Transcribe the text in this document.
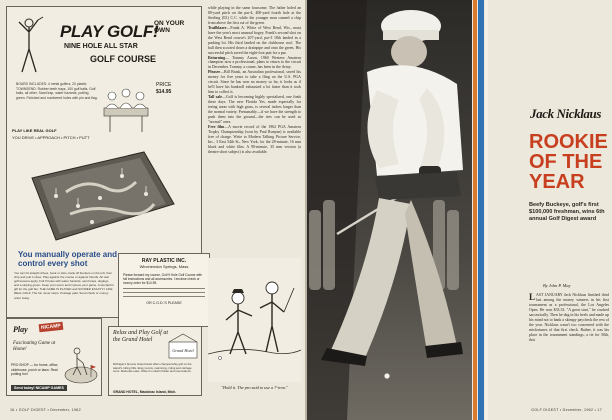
PLAY GOLF!
ON YOUR OWN
NINE HOLE ALL STAR
GOLF COURSE
PRICE
$14.95
BOARD INCLUDES: 4 metal golfers, 20 plastic TOWNSEND. Rubber teeth trays, 100 golf balls, Golf balls, all other. Sand trap, water hazards, putting green. Finished and numbered holes with pin and flag.
PLAY LIKE REAL GOLF
YOU DRIVE • APPROACH • PITCH • PUTT
You manually operate and control every shot
You can hit straight drives, hook or slice, bank off bunkers on the left, then chip and putt it close. Play against the course or against friends. All real golf lessons apply. Full 9 holes with water hazards, sand traps, doglegs and a sloping green. Keep your score and improve your game. A wonderful gift for the golf fan. THE GAME IS PLAYED and SCORED EXACTLY LIKE REAL GOLF. The fun never stops. Postage paid. Send check or money order today.
RAY PLASTIC INC.
Winchendon Springs, Mass
Please forward my course, Golf 9 Hole Golf Course with full instructions and all accessories. I enclose check or money order for $14.95.
OR C.O.D.'S PLEASE
Play	NICAMP
Fascinating Game at Home!
PRO SHOP — for home, office, clubhouse, porch or lawn. Real putting fun!
Send today! NICAMP GAMES
Relax and Play Golf at the Grand Hotel
Grand Hotel
Michigan's famous Grand Hotel offers championship golf on the island's rolling hills. Enjoy tennis, swimming, riding and carriage tours. Moderate rates. Write for colorful folder and reservations.
GRAND HOTEL, Mackinac Island, Mich.

while playing in the same foursome. The father holed an 80-yard pitch on the par-4, 400-yard fourth hole at the Sterling (Ill.) C.C. while the younger man canned a chip from above the first cut of the green.

Trailblazer—Frank A. White of West Bend, Wis., must have the year's most unusual bogey. Frank's second shot on the West Bend course's 207-yard, par-3 18th landed in a parking lot. His third landed on the clubhouse roof. The ball then scooted down a drainpipe and onto the green. His successful pitch saved the eight-foot putt for a par.

Returning— Tommy Aaron, 1960 Western Amateur champion now a professional, plans to return to the circuit in December. Tommy, a comer, has been in the Army.

Pleaser—Bill Brask, an Australian professional, saved his money for five years to take a fling on the U.S. PGA circuit. Since he has won no money so far, it looks as if he'll have his bankroll exhausted a lot faster than it took him to collect it.

Tall sale—Golf is becoming highly specialized, one finds these days. The new Florida Yes, made especially for teeing areas with high grass, is several inches longer than the normal variety. Presumably—if we have the strength to push them into the ground—the tees can be used as "normal" ones.

Free film—A movie record of the 1962 PGA Amateur Trophy Championship (won by Paul Runyan) is available free of charge. Write to Modern Talking Picture Service, Inc., 3 East 54th St., New York, for the 28-minute, 16 mm black and white film. A 90-minute, 35 mm version (a theatre short subject) is also available.

"Hold it. The pro said to use a 7-iron."
16 • GOLF DIGEST • December, 1962
Jack Nicklaus
ROOKIE OF THE YEAR
Beefy Buckeye, golf's first $100,000 freshman, wins 6th annual Golf Digest award
By John P. May
LAST JANUARY Jack Nicklaus finished third last among the money winners in his first tournament as a professional, the Los Angeles Open. He won $33.33. "A great start," he cracked sarcastically. Then he dug in his heels and made up his mind not to bank a skimpy paycheck the rest of the year. Nicklaus wasn't too concerned with the misfortunes of that first check. Rather, it was his place in the tournament standings, a tie for 50th, that
GOLF DIGEST • December, 1962 • 17
